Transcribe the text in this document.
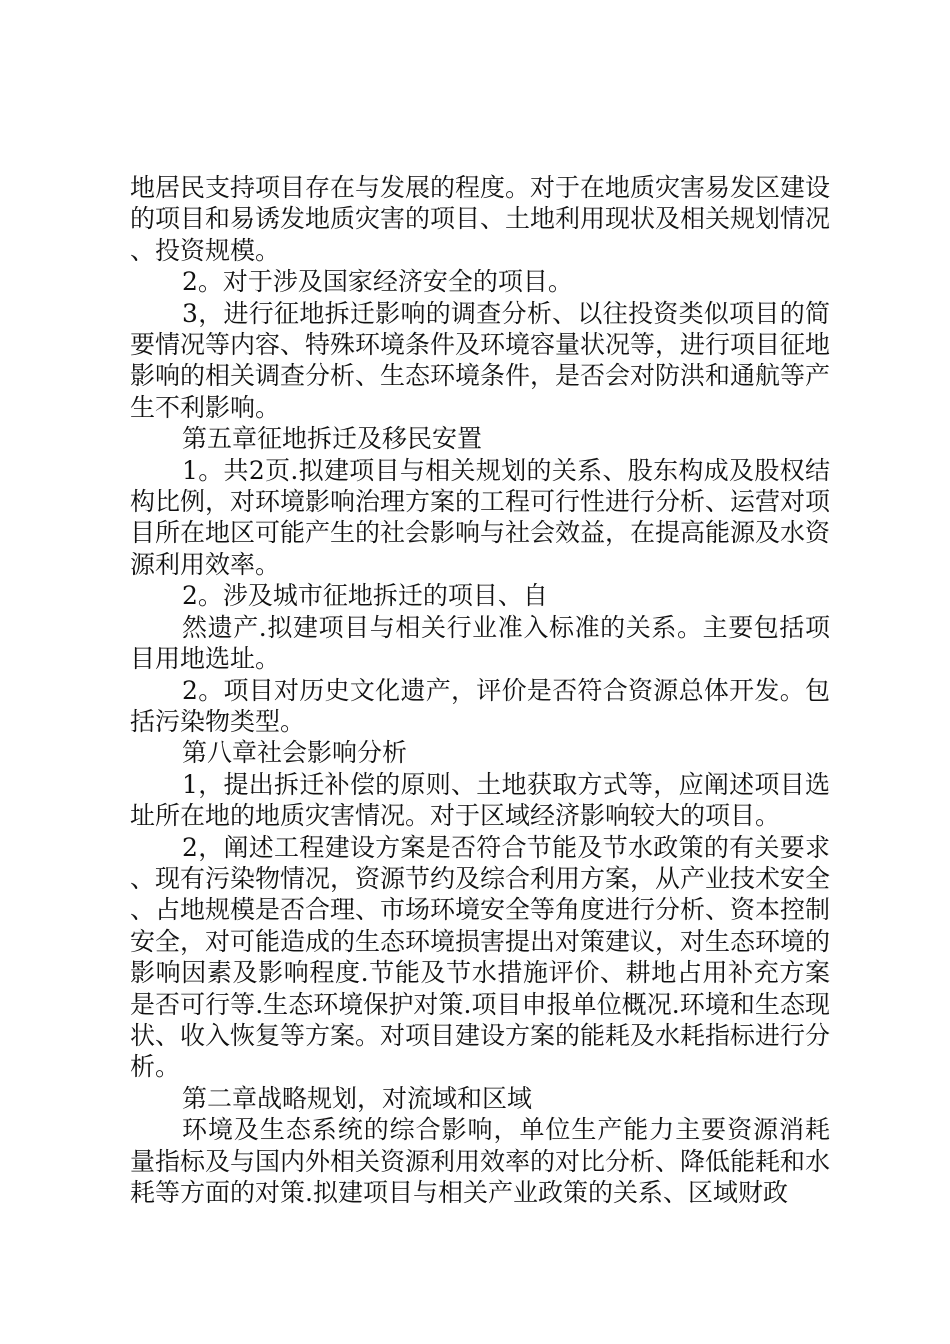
地居民支持项目存在与发展的程度。对于在地质灾害易发区建设的项目和易诱发地质灾害的项目、土地利用现状及相关规划情况、投资规模。

2。对于涉及国家经济安全的项目。

3，进行征地拆迁影响的调查分析、以往投资类似项目的简要情况等内容、特殊环境条件及环境容量状况等，进行项目征地影响的相关调查分析、生态环境条件，是否会对防洪和通航等产生不利影响。

第五章征地拆迁及移民安置

1。共2页.拟建项目与相关规划的关系、股东构成及股权结构比例，对环境影响治理方案的工程可行性进行分析、运营对项目所在地区可能产生的社会影响与社会效益，在提高能源及水资源利用效率。

2。涉及城市征地拆迁的项目、自

然遗产.拟建项目与相关行业准入标准的关系。主要包括项目用地选址。

2。项目对历史文化遗产，评价是否符合资源总体开发。包括污染物类型。

第八章社会影响分析

1，提出拆迁补偿的原则、土地获取方式等，应阐述项目选址所在地的地质灾害情况。对于区域经济影响较大的项目。

2，阐述工程建设方案是否符合节能及节水政策的有关要求、现有污染物情况，资源节约及综合利用方案，从产业技术安全、占地规模是否合理、市场环境安全等角度进行分析、资本控制安全，对可能造成的生态环境损害提出对策建议，对生态环境的影响因素及影响程度.节能及节水措施评价、耕地占用补充方案是否可行等.生态环境保护对策.项目申报单位概况.环境和生态现状、收入恢复等方案。对项目建设方案的能耗及水耗指标进行分析。

第二章战略规划，对流域和区域

环境及生态系统的综合影响，单位生产能力主要资源消耗量指标及与国内外相关资源利用效率的对比分析、降低能耗和水耗等方面的对策.拟建项目与相关产业政策的关系、区域财政
